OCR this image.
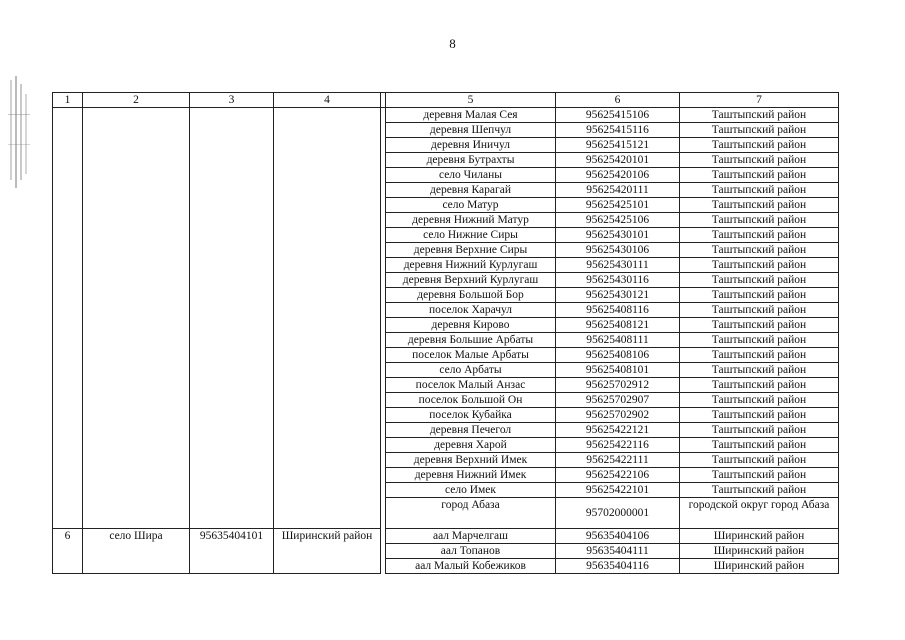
8
1	2	3	4		5	6	7
					деревня Малая Сея	95625415106	Таштыпский район
					деревня Шепчул	95625415116	Таштыпский район
					деревня Иничул	95625415121	Таштыпский район
					деревня Бутрахты	95625420101	Таштыпский район
					село Чиланы	95625420106	Таштыпский район
					деревня Карагай	95625420111	Таштыпский район
					село Матур	95625425101	Таштыпский район
					деревня Нижний Матур	95625425106	Таштыпский район
					село Нижние Сиры	95625430101	Таштыпский район
					деревня Верхние Сиры	95625430106	Таштыпский район
					деревня Нижний Курлугаш	95625430111	Таштыпский район
					деревня Верхний Курлугаш	95625430116	Таштыпский район
					деревня Большой Бор	95625430121	Таштыпский район
					поселок Харачул	95625408116	Таштыпский район
					деревня Кирово	95625408121	Таштыпский район
					деревня Большие Арбаты	95625408111	Таштыпский район
					поселок Малые Арбаты	95625408106	Таштыпский район
					село Арбаты	95625408101	Таштыпский район
					поселок Малый Анзас	95625702912	Таштыпский район
					поселок Большой Он	95625702907	Таштыпский район
					поселок Кубайка	95625702902	Таштыпский район
					деревня Печегол	95625422121	Таштыпский район
					деревня Харой	95625422116	Таштыпский район
					деревня Верхний Имек	95625422111	Таштыпский район
					деревня Нижний Имек	95625422106	Таштыпский район
					село Имек	95625422101	Таштыпский район
					город Абаза	95702000001	городской округ город Абаза
6	село Шира	95635404101	Ширинский район		аал Марчелгаш	95635404106	Ширинский район
					аал Топанов	95635404111	Ширинский район
					аал Малый Кобежиков	95635404116	Ширинский район
